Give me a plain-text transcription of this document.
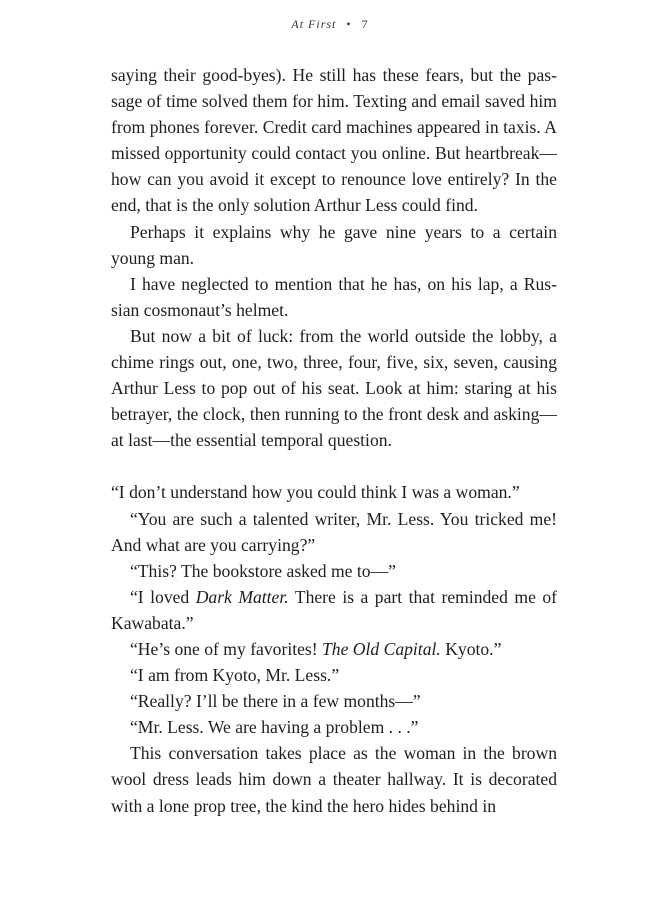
At First • 7

saying their good-byes). He still has these fears, but the passage of time solved them for him. Texting and email saved him from phones forever. Credit card machines appeared in taxis. A missed opportunity could contact you online. But heartbreak—how can you avoid it except to renounce love entirely? In the end, that is the only solution Arthur Less could find.

Perhaps it explains why he gave nine years to a certain young man.

I have neglected to mention that he has, on his lap, a Russian cosmonaut’s helmet.

But now a bit of luck: from the world outside the lobby, a chime rings out, one, two, three, four, five, six, seven, causing Arthur Less to pop out of his seat. Look at him: staring at his betrayer, the clock, then running to the front desk and asking—at last—the essential temporal question.

“I don’t understand how you could think I was a woman.”

“You are such a talented writer, Mr. Less. You tricked me! And what are you carrying?”

“This? The bookstore asked me to—”

“I loved Dark Matter. There is a part that reminded me of Kawabata.”

“He’s one of my favorites! The Old Capital. Kyoto.”

“I am from Kyoto, Mr. Less.”

“Really? I’ll be there in a few months—”

“Mr. Less. We are having a problem . . .”

This conversation takes place as the woman in the brown wool dress leads him down a theater hallway. It is decorated with a lone prop tree, the kind the hero hides behind in
